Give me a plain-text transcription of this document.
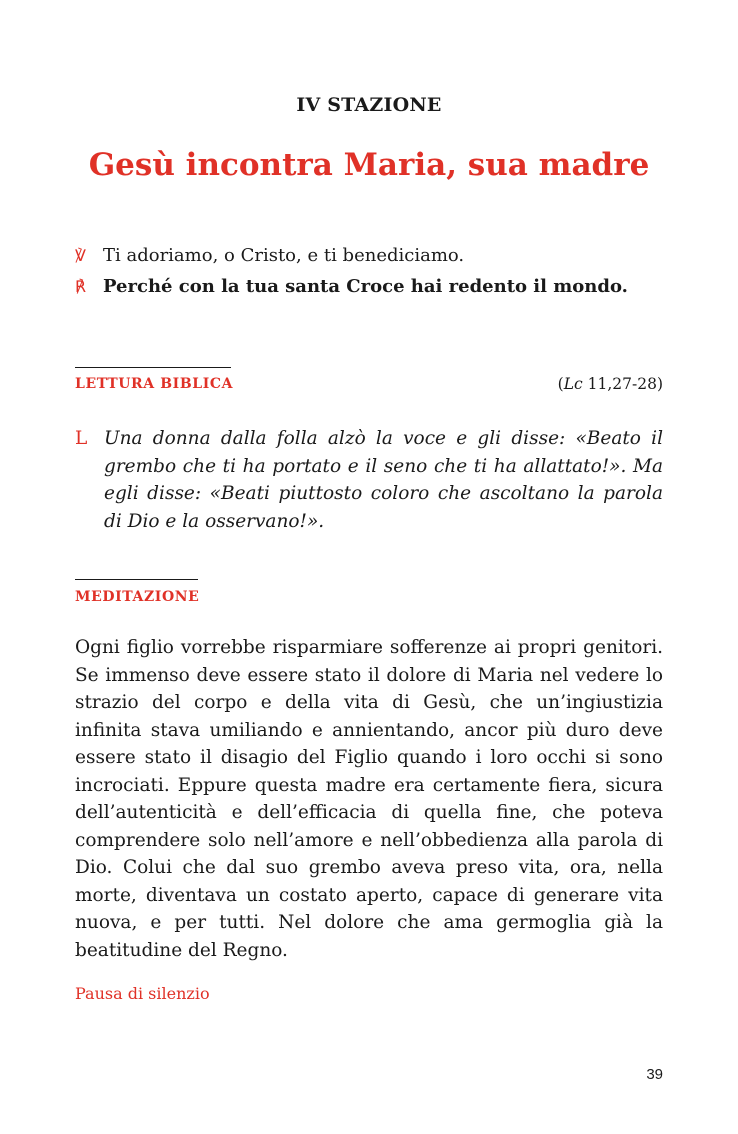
IV STAZIONE
Gesù incontra Maria, sua madre
℣ Ti adoriamo, o Cristo, e ti benediciamo.
℟ Perché con la tua santa Croce hai redento il mondo.
LETTURA BIBLICA	(Lc 11,27-28)
L Una donna dalla folla alzò la voce e gli disse: «Beato il grembo che ti ha portato e il seno che ti ha allattato!». Ma egli disse: «Beati piuttosto coloro che ascoltano la parola di Dio e la osservano!».
MEDITAZIONE
Ogni figlio vorrebbe risparmiare sofferenze ai propri genitori. Se immenso deve essere stato il dolore di Maria nel vedere lo strazio del corpo e della vita di Gesù, che un’ingiustizia infinita stava umiliando e annientando, ancor più duro deve essere stato il disagio del Figlio quando i loro occhi si sono incrociati. Eppure questa madre era certamente fiera, sicura dell’autenticità e dell’efficacia di quella fine, che poteva comprendere solo nell’amore e nell’obbedienza alla parola di Dio. Colui che dal suo grembo aveva preso vita, ora, nella morte, diventava un costato aperto, capace di generare vita nuova, e per tutti. Nel dolore che ama germoglia già la beatitudine del Regno.
Pausa di silenzio
39
